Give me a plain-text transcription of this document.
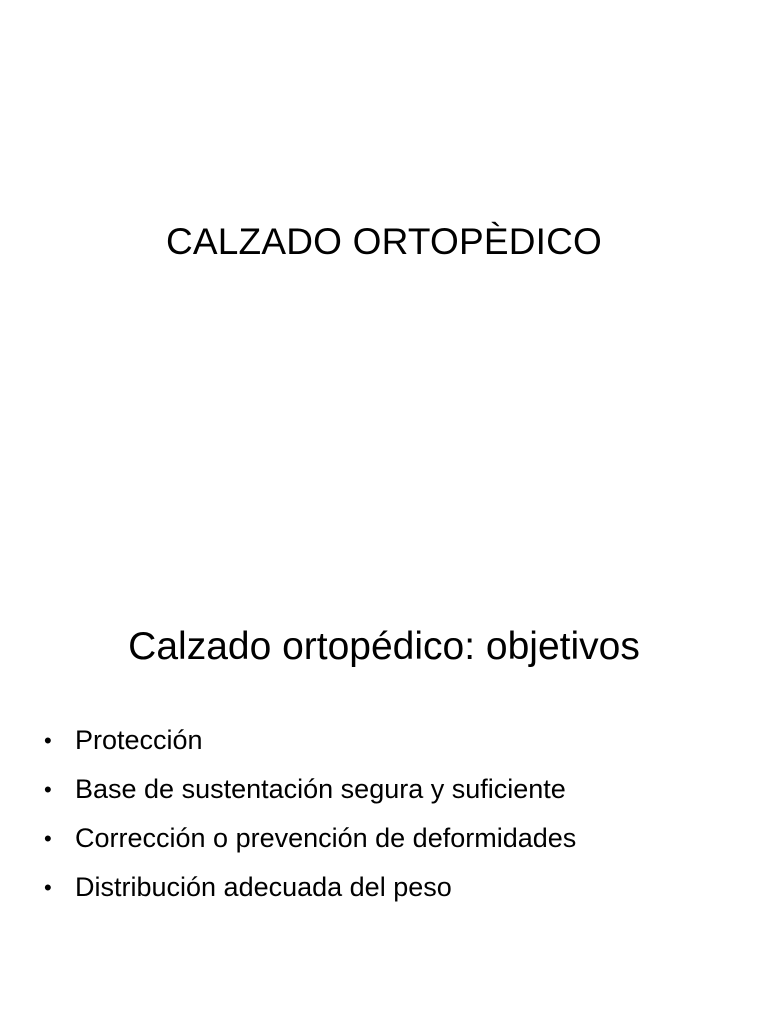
CALZADO ORTOPÈDICO
Calzado ortopédico: objetivos
• Protección
• Base de sustentación segura y suficiente
• Corrección o prevención de deformidades
• Distribución adecuada del peso
